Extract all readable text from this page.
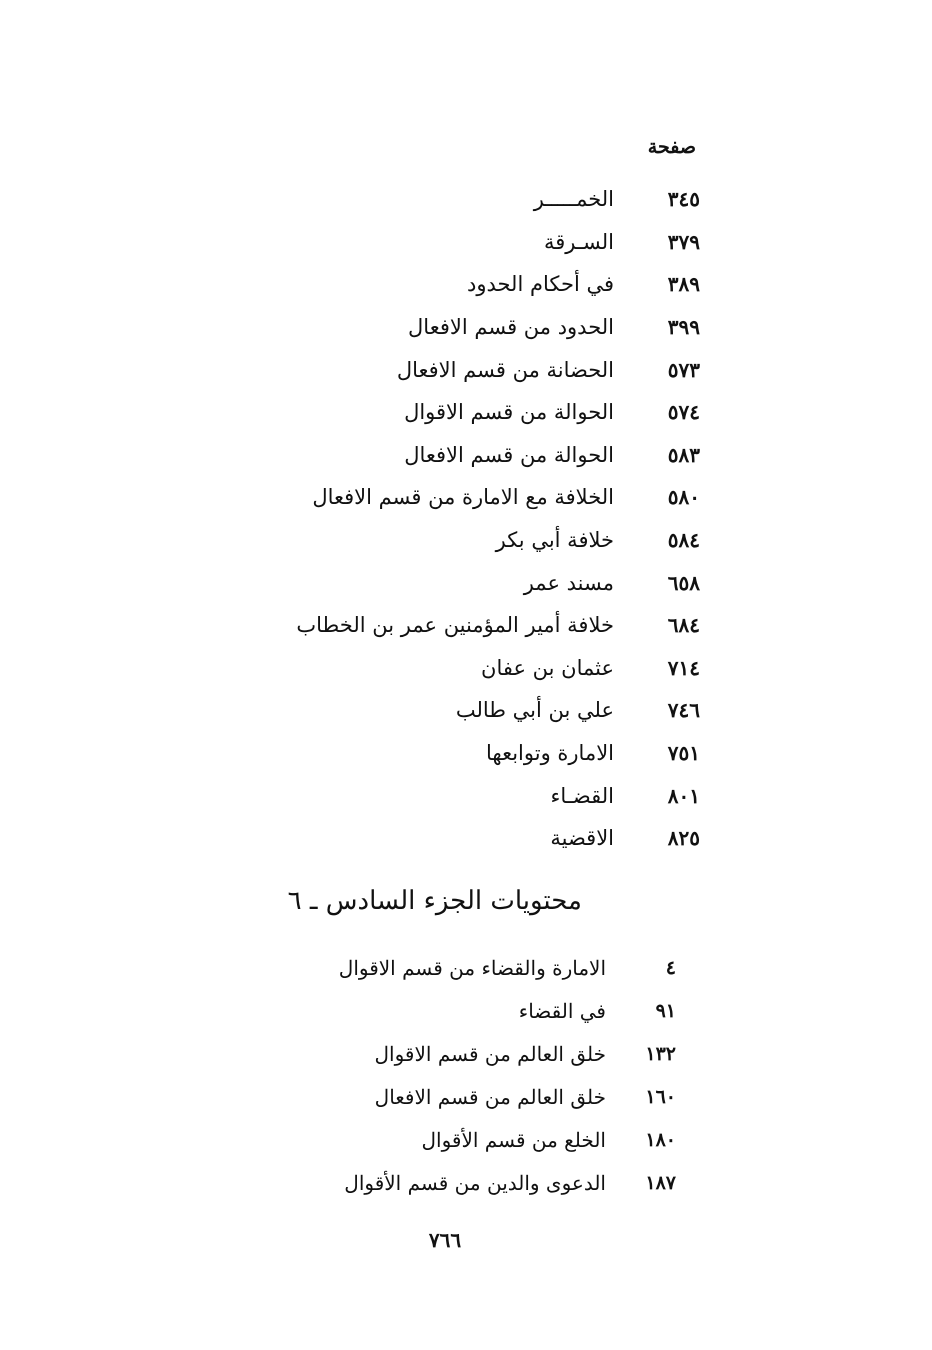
صفحة
٣٤٥
الخمـــــر
٣٧٩
السـرقة
٣٨٩
في أحكام الحدود
٣٩٩
الحدود من قسم الافعال
٥٧٣
الحضانة من قسم الافعال
٥٧٤
الحوالة من قسم الاقوال
٥٨٣
الحوالة من قسم الافعال
٥٨٠
الخلافة مع الامارة من قسم الافعال
٥٨٤
خلافة أبي بكر
٦٥٨
مسند عمر
٦٨٤
خلافة أمير المؤمنين عمر بن الخطاب
٧١٤
عثمان بن عفان
٧٤٦
علي بن أبي طالب
٧٥١
الامارة وتوابعها
٨٠١
القضـاء
٨٢٥
الاقضية
محتويات الجزء السادس ـ ٦
٤
الامارة والقضاء من قسم الاقوال
٩١
في القضاء
١٣٢
خلق العالم من قسم الاقوال
١٦٠
خلق العالم من قسم الافعال
١٨٠
الخلع من قسم الأقوال
١٨٧
الدعوى والدين من قسم الأقوال
٧٦٦
